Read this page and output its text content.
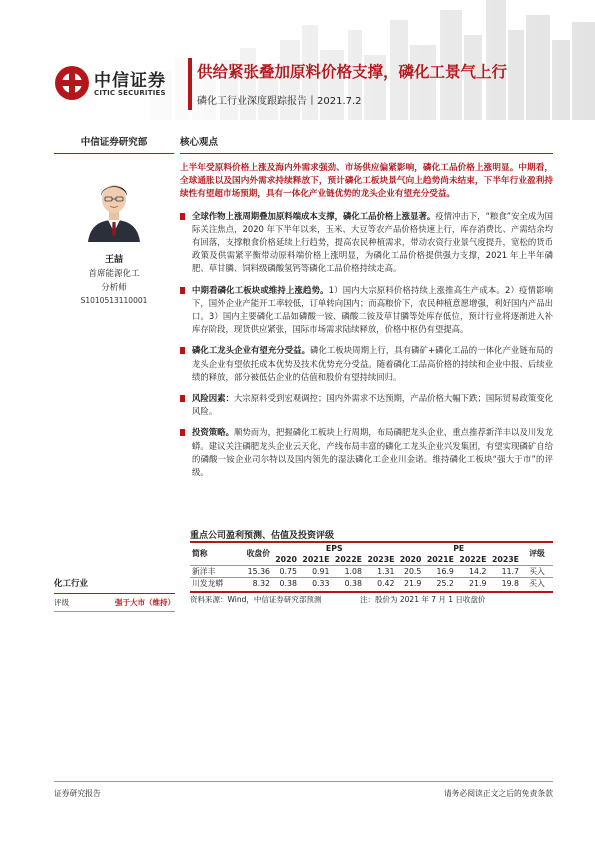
中信证券
CITIC SECURITIES
供给紧张叠加原料价格支撑，磷化工景气上行
磷化工行业深度跟踪报告丨2021.7.2
中信证券研究部
王喆
首席能源化工
分析师
S1010513110001
核心观点
上半年受原料价格上涨及海内外需求强劲、市场供应偏紧影响，磷化工品价格上涨明显。中期看，全球通胀以及国内外需求持续释放下，预计磷化工板块景气向上趋势尚未结束，下半年行业盈利持续性有望超市场预期，具有一体化产业链优势的龙头企业有望充分受益。
全球作物上涨周期叠加原料端成本支撑，磷化工品价格上涨显著。疫情冲击下，“粮食”安全成为国际关注焦点，2020 年下半年以来，玉米、大豆等农产品价格快速上行，库存消费比、产需结余均有回落，支撑粮食价格延续上行趋势，提高农民种植需求，带动农资行业景气度提升，宽松的货币政策及供需紧平衡带动原料端价格上涨明显，为磷化工品价格提供强力支撑，2021 年上半年磷肥、草甘膦、饲料级磷酸氢钙等磷化工品价格持续走高。
中期看磷化工板块或维持上涨趋势。1）国内大宗原料价格持续上涨推高生产成本。2）疫情影响下，国外企业产能开工率较低，订单转向国内；而高粮价下，农民种植意愿增强，利好国内产品出口。3）国内主要磷化工品如磷酸一铵、磷酸二铵及草甘膦等处库存低位，预计行业将逐渐进入补库存阶段，现货供应紧张，国际市场需求陆续释放，价格中枢仍有望提高。
磷化工龙头企业有望充分受益。磷化工板块周期上行，具有磷矿+磷化工品的一体化产业链布局的龙头企业有望依托成本优势及技术优势充分受益。随着磷化工品高价格的持续和企业中报、后续业绩的释放，部分被低估企业的估值和股价有望持续回归。
风险因素：大宗原料受到宏观调控；国内外需求不达预期，产品价格大幅下跌；国际贸易政策变化风险。
投资策略。顺势而为，把握磷化工板块上行周期，布局磷肥龙头企业，重点推荐新洋丰以及川发龙蟒。建议关注磷肥龙头企业云天化，产线布局丰富的磷化工龙头企业兴发集团，有望实现磷矿自给的磷酸一铵企业司尔特以及国内领先的湿法磷化工企业川金诺。维持磷化工板块“强大于市”的评级。
重点公司盈利预测、估值及投资评级
简称	收盘价	EPS				PE				评级
		2020	2021E	2022E	2023E	2020	2021E	2022E	2023E	
新洋丰	15.36	0.75	0.91	1.08	1.31	20.5	16.9	14.2	11.7	买入
川发龙蟒	8.32	0.38	0.33	0.38	0.42	21.9	25.2	21.9	19.8	买入
资料来源：Wind，中信证券研究部预测	注：股价为 2021 年 7 月 1 日收盘价
化工行业
评级	强于大市（维持）
证券研究报告	请务必阅读正文之后的免责条款
